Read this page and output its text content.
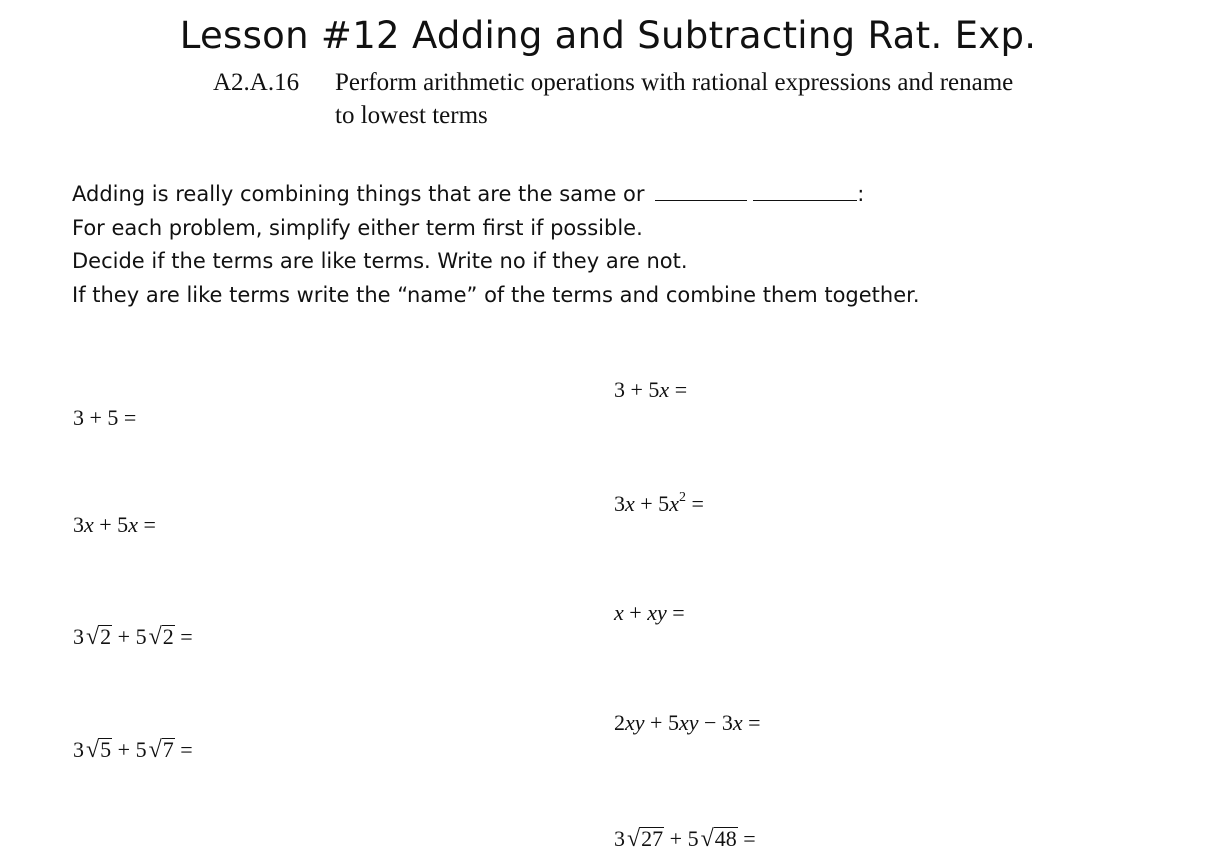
Lesson #12 Adding and Subtracting Rat. Exp.
A2.A.16 Perform arithmetic operations with rational expressions and rename to lowest terms
Adding is really combining things that are the same or	:
For each problem, simplify either term first if possible.
Decide if the terms are like terms. Write no if they are not.
If they are like terms write the “name” of the terms and combine them together.
3 + 5 =
3x + 5x =
3√2 + 5√2 =
3√5 + 5√7 =
3 + 5x =
$3x + 5x^2$ =
x + xy =
2xy + 5xy − 3x =
3√27 + 5√48 =
